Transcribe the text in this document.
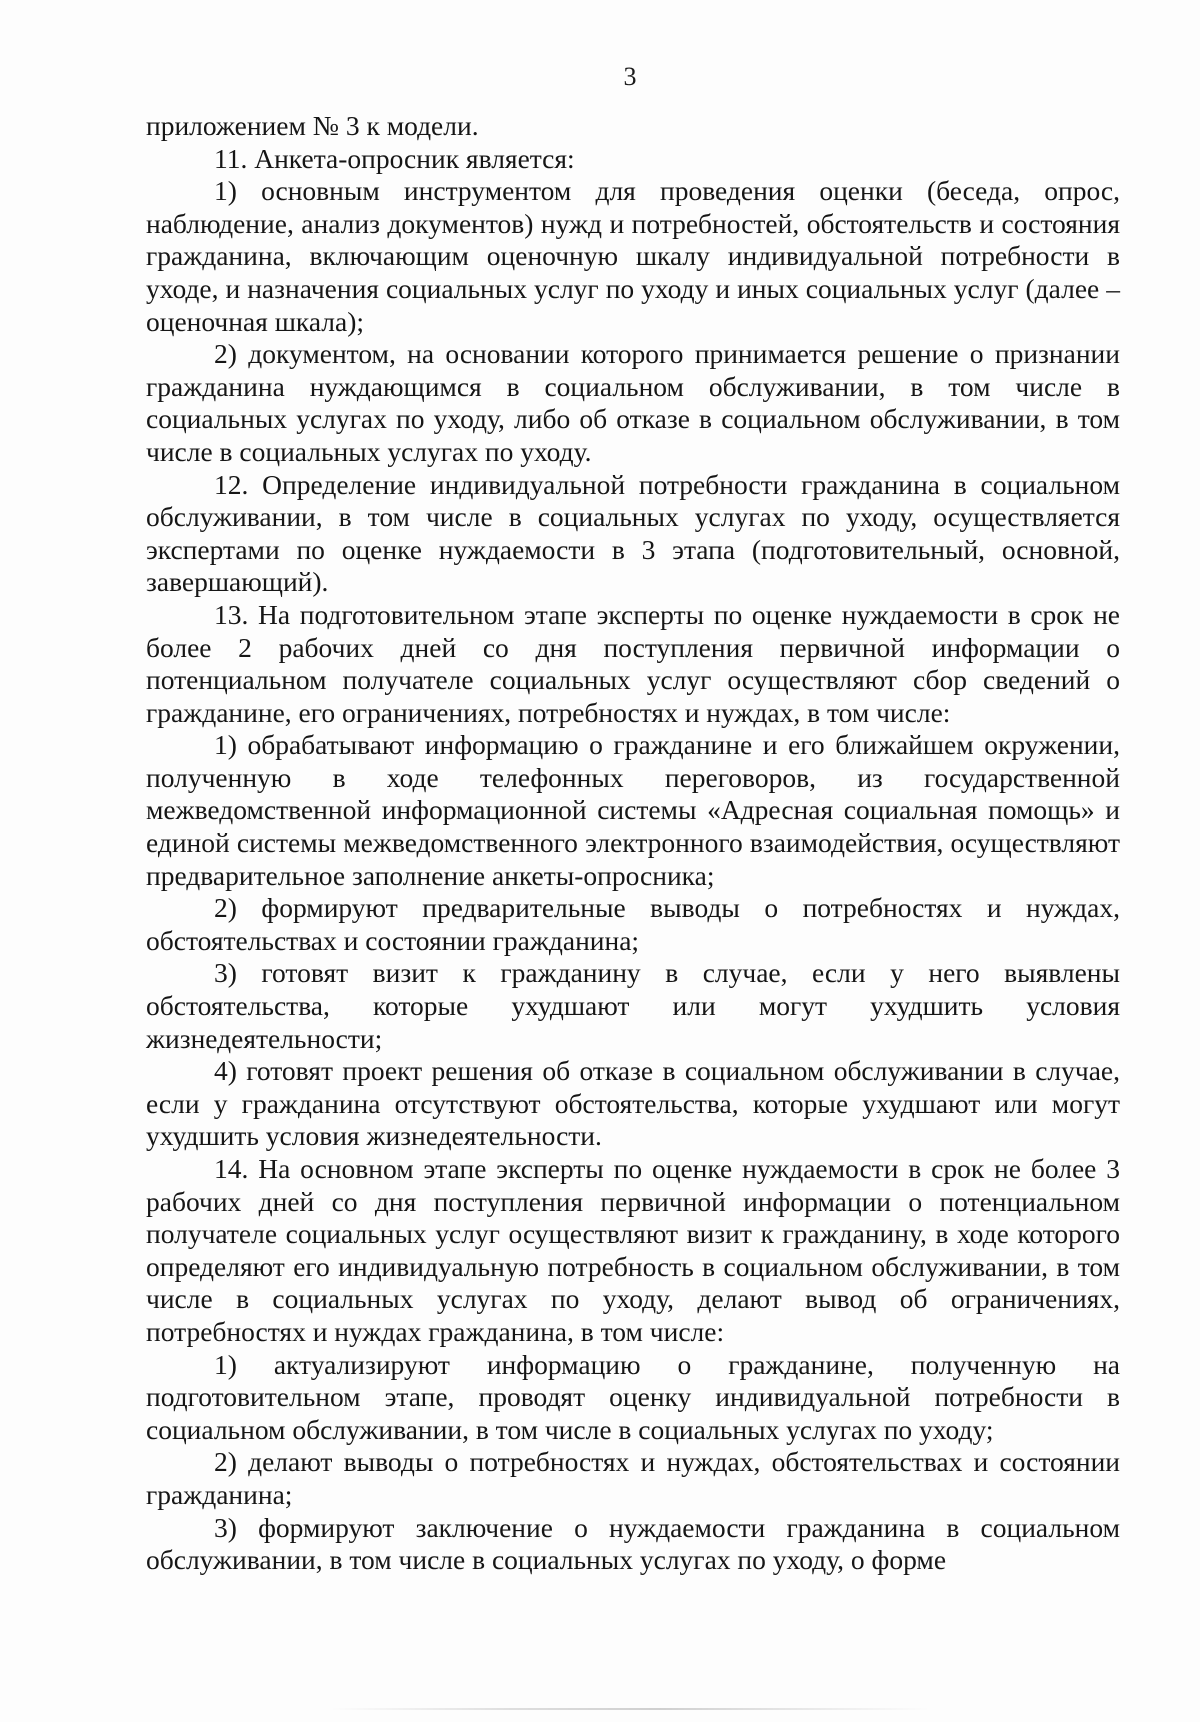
3

приложением № 3 к модели.

11. Анкета-опросник является:

1) основным инструментом для проведения оценки (беседа, опрос, наблюдение, анализ документов) нужд и потребностей, обстоятельств и состояния гражданина, включающим оценочную шкалу индивидуальной потребности в уходе, и назначения социальных услуг по уходу и иных социальных услуг (далее – оценочная шкала);

2) документом, на основании которого принимается решение о признании гражданина нуждающимся в социальном обслуживании, в том числе в социальных услугах по уходу, либо об отказе в социальном обслуживании, в том числе в социальных услугах по уходу.

12. Определение индивидуальной потребности гражданина в социальном обслуживании, в том числе в социальных услугах по уходу, осуществляется экспертами по оценке нуждаемости в 3 этапа (подготовительный, основной, завершающий).

13. На подготовительном этапе эксперты по оценке нуждаемости в срок не более 2 рабочих дней со дня поступления первичной информации о потенциальном получателе социальных услуг осуществляют сбор сведений о гражданине, его ограничениях, потребностях и нуждах, в том числе:

1) обрабатывают информацию о гражданине и его ближайшем окружении, полученную в ходе телефонных переговоров, из государственной межведомственной информационной системы «Адресная социальная помощь» и единой системы межведомственного электронного взаимодействия, осуществляют предварительное заполнение анкеты-опросника;

2) формируют предварительные выводы о потребностях и нуждах, обстоятельствах и состоянии гражданина;

3) готовят визит к гражданину в случае, если у него выявлены обстоятельства, которые ухудшают или могут ухудшить условия жизнедеятельности;

4) готовят проект решения об отказе в социальном обслуживании в случае, если у гражданина отсутствуют обстоятельства, которые ухудшают или могут ухудшить условия жизнедеятельности.

14. На основном этапе эксперты по оценке нуждаемости в срок не более 3 рабочих дней со дня поступления первичной информации о потенциальном получателе социальных услуг осуществляют визит к гражданину, в ходе которого определяют его индивидуальную потребность в социальном обслуживании, в том числе в социальных услугах по уходу, делают вывод об ограничениях, потребностях и нуждах гражданина, в том числе:

1) актуализируют информацию о гражданине, полученную на подготовительном этапе, проводят оценку индивидуальной потребности в социальном обслуживании, в том числе в социальных услугах по уходу;

2) делают выводы о потребностях и нуждах, обстоятельствах и состоянии гражданина;

3) формируют заключение о нуждаемости гражданина в социальном обслуживании, в том числе в социальных услугах по уходу, о форме
